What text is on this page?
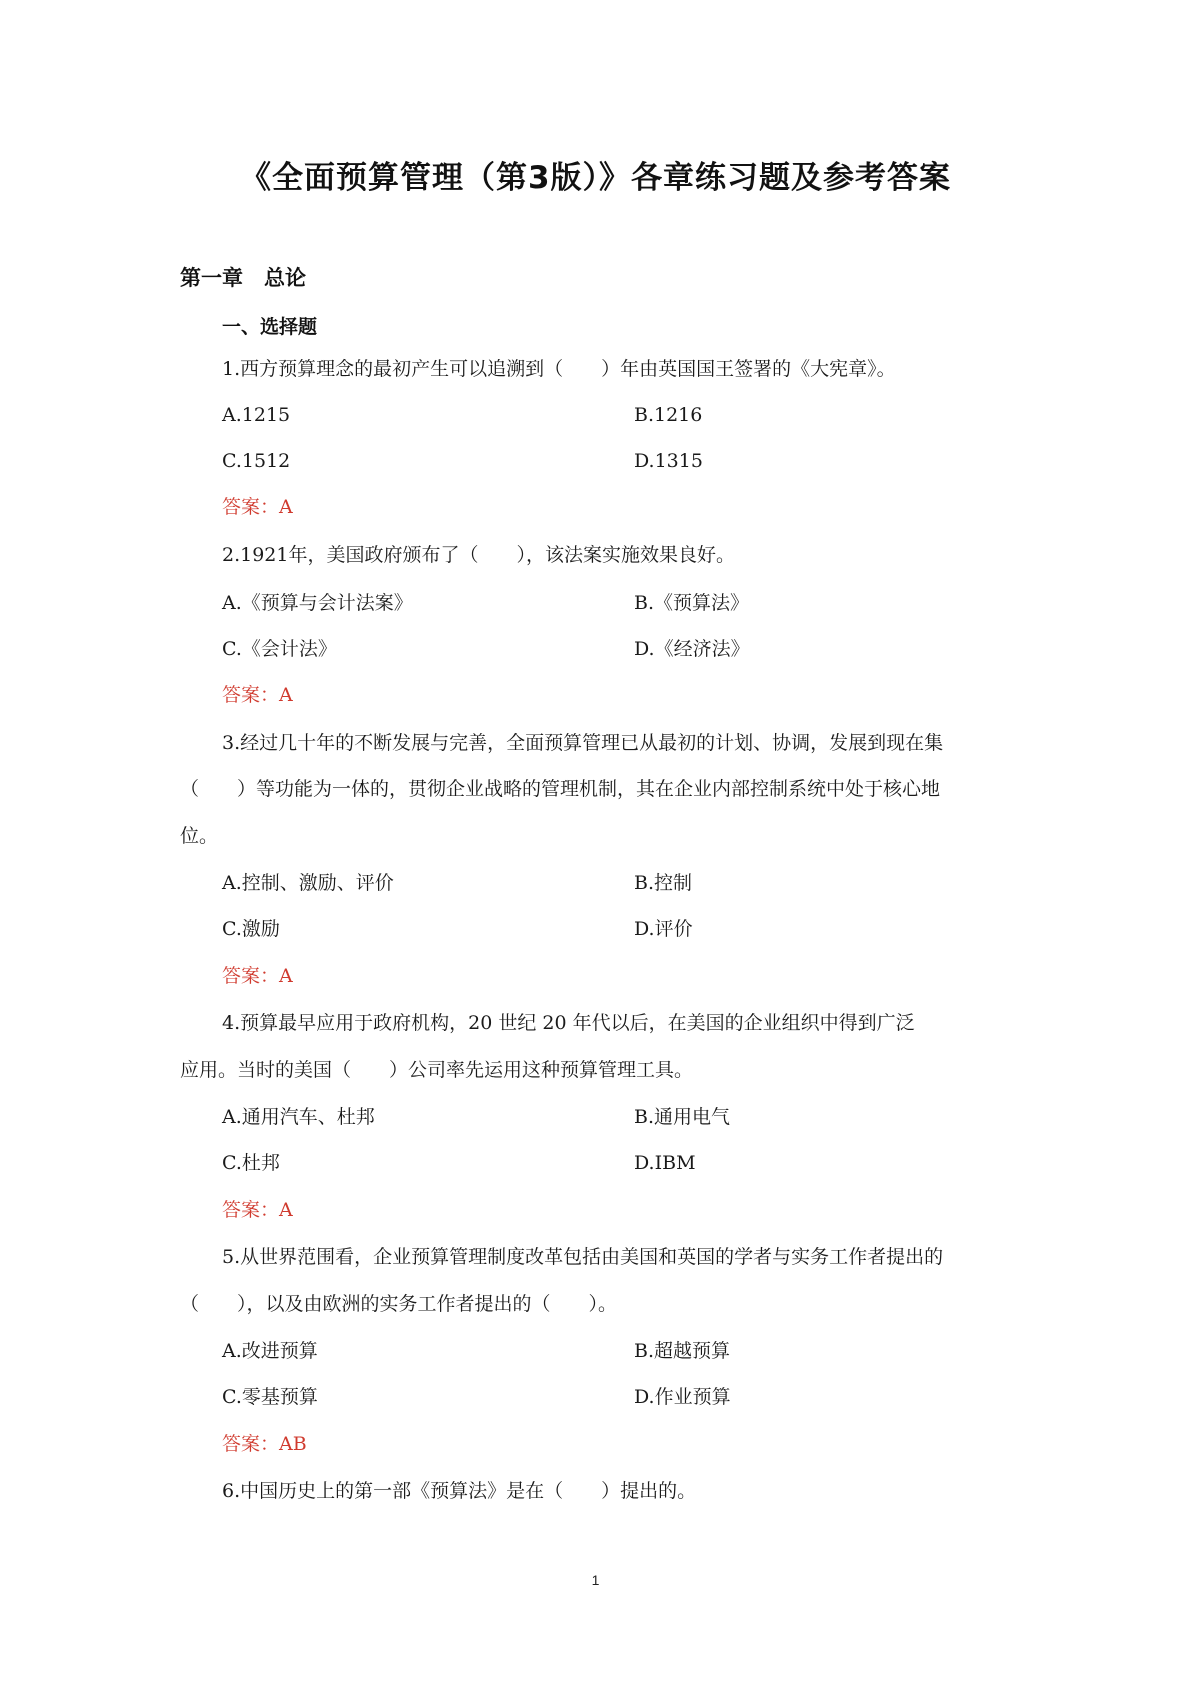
《全面预算管理（第3版）》各章练习题及参考答案
第一章　总论
一、选择题
1.西方预算理念的最初产生可以追溯到（　　）年由英国国王签署的《大宪章》。
A.1215	B.1216
C.1512	D.1315
答案：A
2.1921年，美国政府颁布了（　　），该法案实施效果良好。
A.《预算与会计法案》	B.《预算法》
C.《会计法》	D.《经济法》
答案：A
3.经过几十年的不断发展与完善，全面预算管理已从最初的计划、协调，发展到现在集
（　　）等功能为一体的，贯彻企业战略的管理机制，其在企业内部控制系统中处于核心地
位。
A.控制、激励、评价	B.控制
C.激励	D.评价
答案：A
4.预算最早应用于政府机构，20 世纪 20 年代以后，在美国的企业组织中得到广泛
应用。当时的美国（　　）公司率先运用这种预算管理工具。
A.通用汽车、杜邦	B.通用电气
C.杜邦	D.IBM
答案：A
5.从世界范围看，企业预算管理制度改革包括由美国和英国的学者与实务工作者提出的
（　　），以及由欧洲的实务工作者提出的（　　）。
A.改进预算	B.超越预算
C.零基预算	D.作业预算
答案：AB
6.中国历史上的第一部《预算法》是在（　　）提出的。
1
